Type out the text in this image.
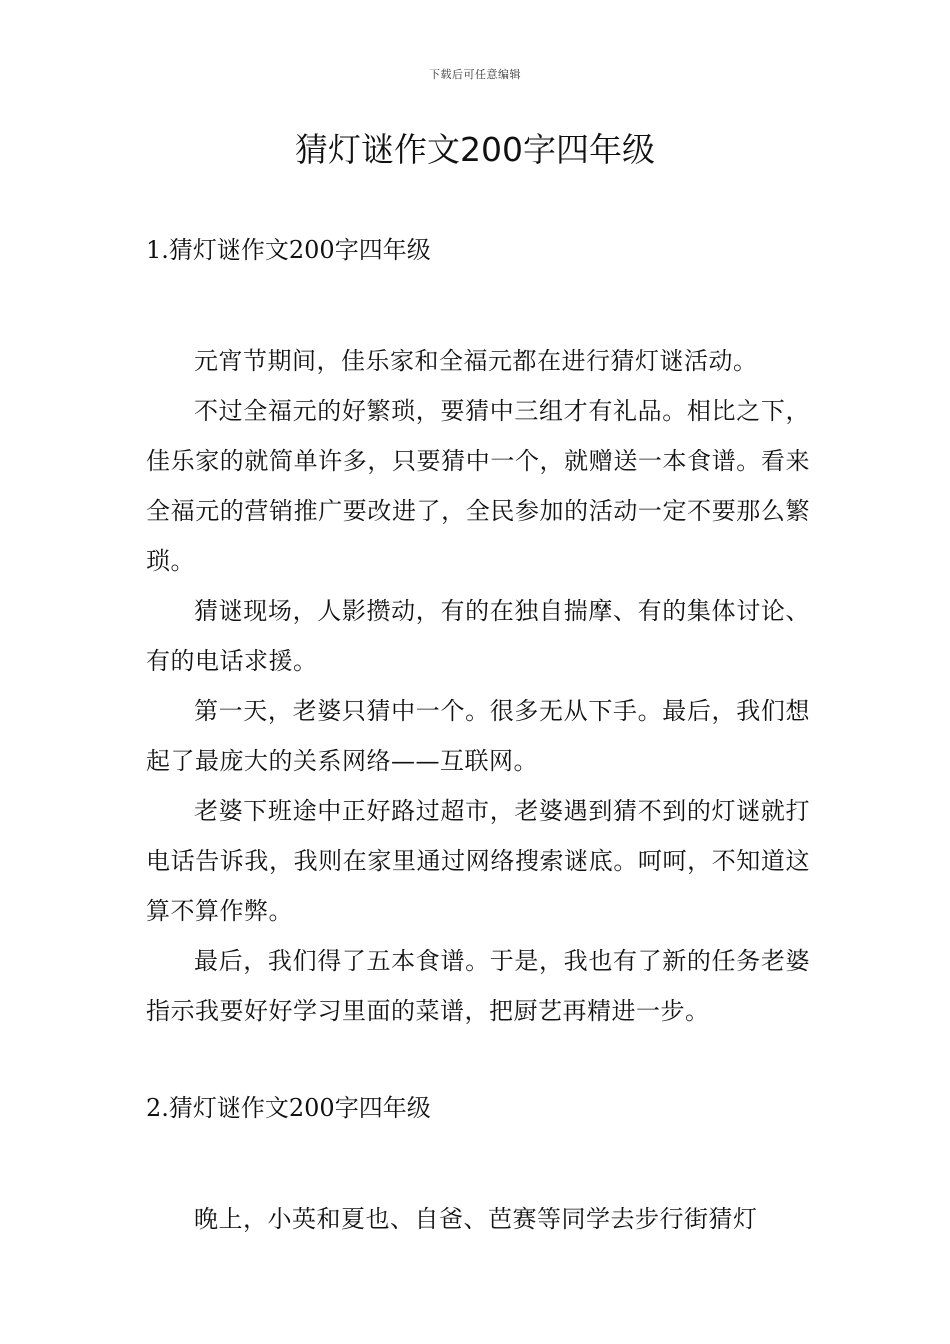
下载后可任意编辑
猜灯谜作文200字四年级
1.猜灯谜作文200字四年级

元宵节期间，佳乐家和全福元都在进行猜灯谜活动。

不过全福元的好繁琐，要猜中三组才有礼品。相比之下，佳乐家的就简单许多，只要猜中一个，就赠送一本食谱。看来全福元的营销推广要改进了，全民参加的活动一定不要那么繁琐。

猜谜现场，人影攒动，有的在独自揣摩、有的集体讨论、有的电话求援。

第一天，老婆只猜中一个。很多无从下手。最后，我们想起了最庞大的关系网络——互联网。

老婆下班途中正好路过超市，老婆遇到猜不到的灯谜就打电话告诉我，我则在家里通过网络搜索谜底。呵呵，不知道这算不算作弊。

最后，我们得了五本食谱。于是，我也有了新的任务老婆指示我要好好学习里面的菜谱，把厨艺再精进一步。

2.猜灯谜作文200字四年级

晚上，小英和夏也、自爸、芭赛等同学去步行街猜灯
